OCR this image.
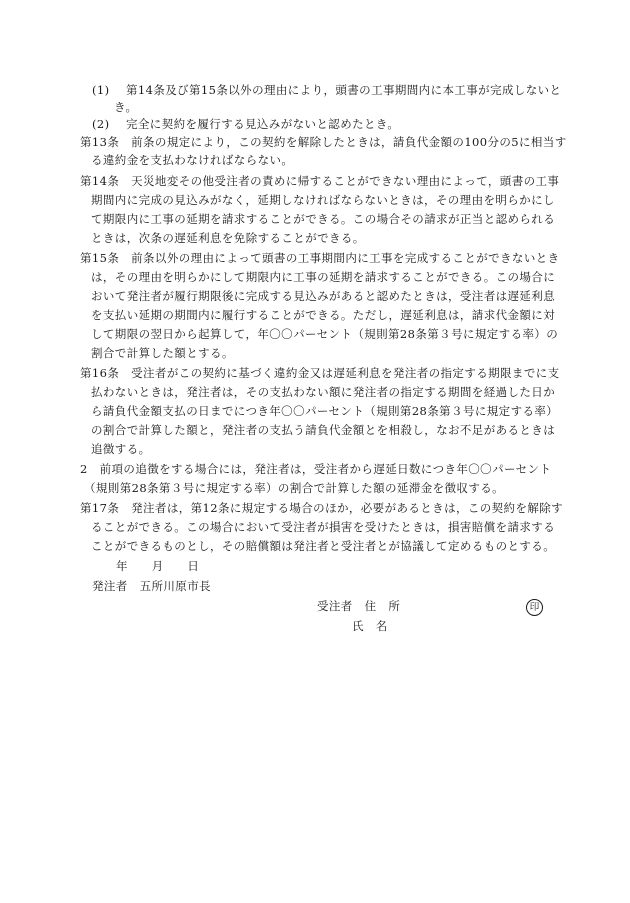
(1) 第14条及び第15条以外の理由により，頭書の工事期間内に本工事が完成しないと
き。
(2) 完全に契約を履行する見込みがないと認めたとき。
第13条　前条の規定により，この契約を解除したときは，請負代金額の100分の5に相当す
る違約金を支払わなければならない。
第14条　天災地変その他受注者の責めに帰することができない理由によって，頭書の工事
期間内に完成の見込みがなく，延期しなければならないときは，その理由を明らかにし
て期限内に工事の延期を請求することができる。この場合その請求が正当と認められる
ときは，次条の遅延利息を免除することができる。
第15条　前条以外の理由によって頭書の工事期間内に工事を完成することができないとき
は，その理由を明らかにして期限内に工事の延期を請求することができる。この場合に
おいて発注者が履行期限後に完成する見込みがあると認めたときは，受注者は遅延利息
を支払い延期の期間内に履行することができる。ただし，遅延利息は，請求代金額に対
して期限の翌日から起算して，年〇〇パーセント（規則第28条第３号に規定する率）の
割合で計算した額とする。
第16条　受注者がこの契約に基づく違約金又は遅延利息を発注者の指定する期限までに支
払わないときは，発注者は，その支払わない額に発注者の指定する期間を経過した日か
ら請負代金額支払の日までにつき年〇〇パーセント（規則第28条第３号に規定する率）
の割合で計算した額と，発注者の支払う請負代金額とを相殺し，なお不足があるときは
追徴する。
2　前項の追徴をする場合には，発注者は，受注者から遅延日数につき年〇〇パーセント
（規則第28条第３号に規定する率）の割合で計算した額の延滞金を徴収する。
第17条　発注者は，第12条に規定する場合のほか，必要があるときは，この契約を解除す
ることができる。この場合において受注者が損害を受けたときは，損害賠償を請求する
ことができるものとし，その賠償額は発注者と受注者とが協議して定めるものとする。
年　　月　　日
発注者　五所川原市長
受注者　住　所
氏　名
印
